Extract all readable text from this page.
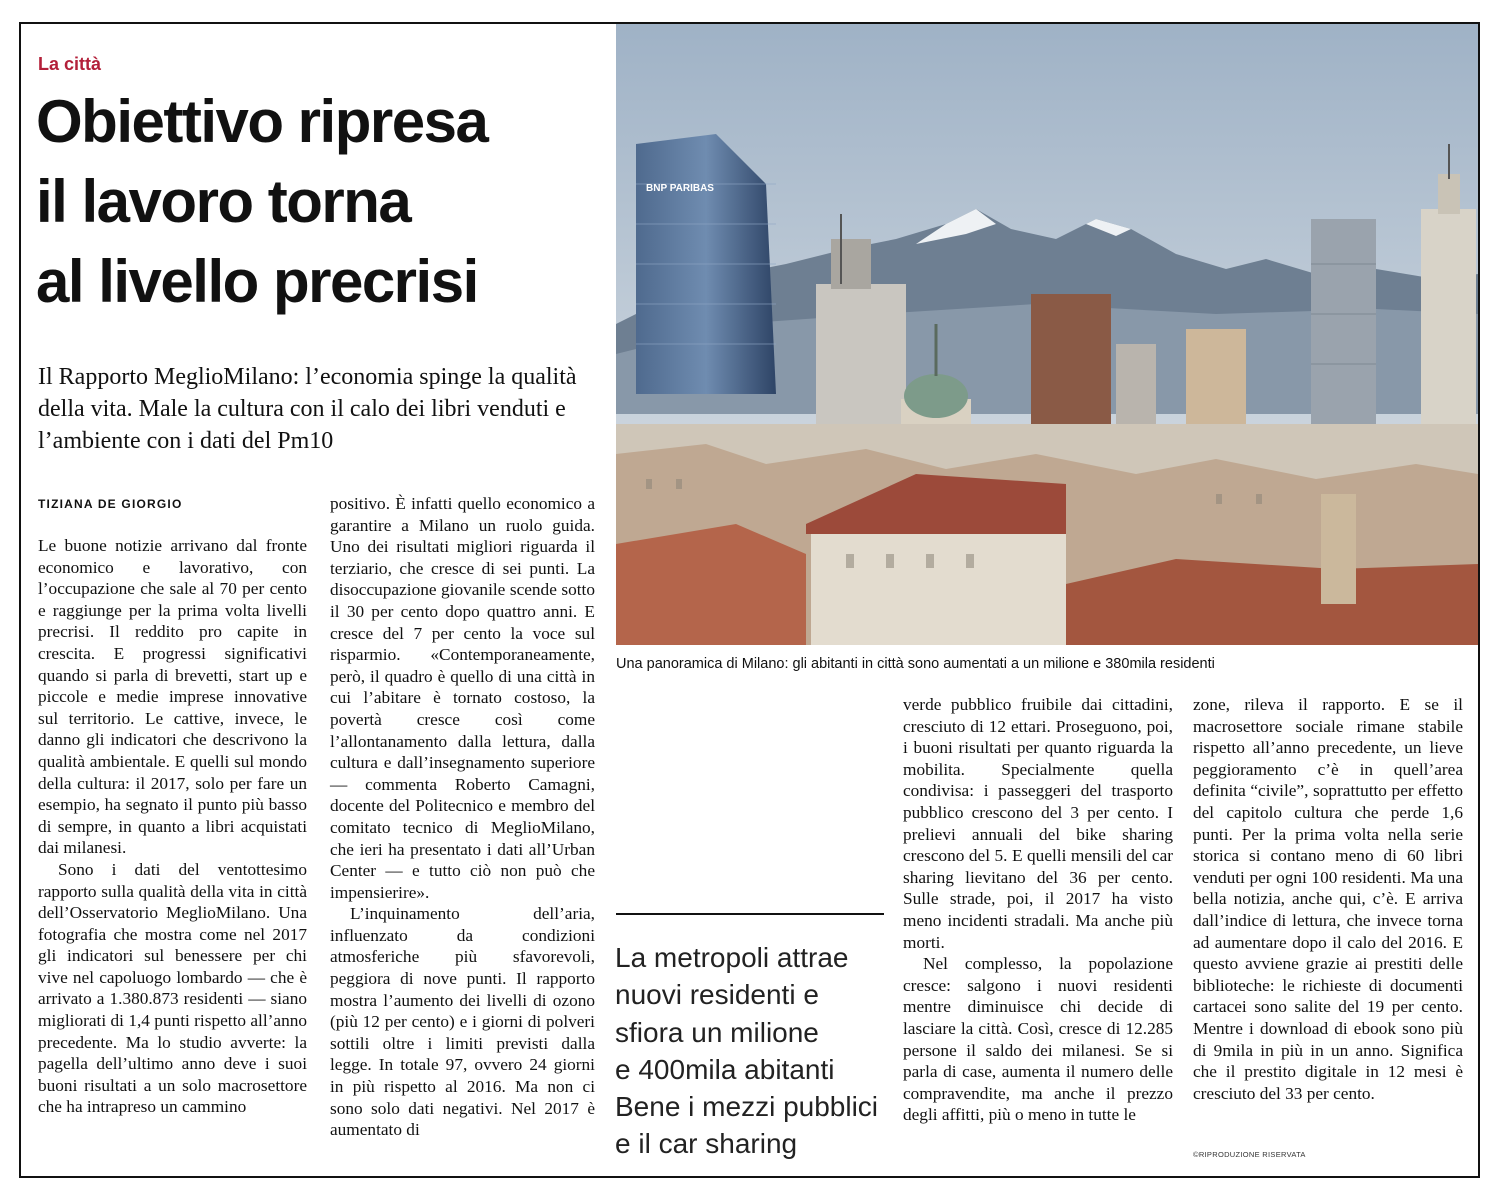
La città
Obiettivo ripresa
il lavoro torna
al livello precrisi
Il Rapporto MeglioMilano: l’economia spinge la qualità della vita. Male la cultura con il calo dei libri venduti e l’ambiente con i dati del Pm10
TIZIANA DE GIORGIO

Le buone notizie arrivano dal fronte economico e lavorativo, con l’occupazione che sale al 70 per cento e raggiunge per la prima volta livelli precrisi. Il reddito pro capite in crescita. E progressi significativi quando si parla di brevetti, start up e piccole e medie imprese innovative sul territorio. Le cattive, invece, le danno gli indicatori che descrivono la qualità ambientale. E quelli sul mondo della cultura: il 2017, solo per fare un esempio, ha segnato il punto più basso di sempre, in quanto a libri acquistati dai milanesi.

Sono i dati del ventottesimo rapporto sulla qualità della vita in città dell’Osservatorio MeglioMilano. Una fotografia che mostra come nel 2017 gli indicatori sul benessere per chi vive nel capoluogo lombardo — che è arrivato a 1.380.873 residenti — siano migliorati di 1,4 punti rispetto all’anno precedente. Ma lo studio avverte: la pagella dell’ultimo anno deve i suoi buoni risultati a un solo macrosettore che ha intrapreso un cammino

positivo. È infatti quello economico a garantire a Milano un ruolo guida. Uno dei risultati migliori riguarda il terziario, che cresce di sei punti. La disoccupazione giovanile scende sotto il 30 per cento dopo quattro anni. E cresce del 7 per cento la voce sul risparmio. «Contemporaneamente, però, il quadro è quello di una città in cui l’abitare è tornato costoso, la povertà cresce così come l’allontanamento dalla lettura, dalla cultura e dall’insegnamento superiore — commenta Roberto Camagni, docente del Politecnico e membro del comitato tecnico di MeglioMilano, che ieri ha presentato i dati all’Urban Center — e tutto ciò non può che impensierire».

L’inquinamento dell’aria, influenzato da condizioni atmosferiche più sfavorevoli, peggiora di nove punti. Il rapporto mostra l’aumento dei livelli di ozono (più 12 per cento) e i giorni di polveri sottili oltre i limiti previsti dalla legge. In totale 97, ovvero 24 giorni in più rispetto al 2016. Ma non ci sono solo dati negativi. Nel 2017 è aumentato di

BNP PARIBAS
Una panoramica di Milano: gli abitanti in città sono aumentati a un milione e 380mila residenti
La metropoli attrae
nuovi residenti e
sfiora un milione
e 400mila abitanti
Bene i mezzi pubblici
e il car sharing

verde pubblico fruibile dai cittadini, cresciuto di 12 ettari. Proseguono, poi, i buoni risultati per quanto riguarda la mobilita. Specialmente quella condivisa: i passeggeri del trasporto pubblico crescono del 3 per cento. I prelievi annuali del bike sharing crescono del 5. E quelli mensili del car sharing lievitano del 36 per cento. Sulle strade, poi, il 2017 ha visto meno incidenti stradali. Ma anche più morti.

Nel complesso, la popolazione cresce: salgono i nuovi residenti mentre diminuisce chi decide di lasciare la città. Così, cresce di 12.285 persone il saldo dei milanesi. Se si parla di case, aumenta il numero delle compravendite, ma anche il prezzo degli affitti, più o meno in tutte le

zone, rileva il rapporto. E se il macrosettore sociale rimane stabile rispetto all’anno precedente, un lieve peggioramento c’è in quell’area definita “civile”, soprattutto per effetto del capitolo cultura che perde 1,6 punti. Per la prima volta nella serie storica si contano meno di 60 libri venduti per ogni 100 residenti. Ma una bella notizia, anche qui, c’è. E arriva dall’indice di lettura, che invece torna ad aumentare dopo il calo del 2016. E questo avviene grazie ai prestiti delle biblioteche: le richieste di documenti cartacei sono salite del 19 per cento. Mentre i download di ebook sono più di 9mila in più in un anno. Significa che il prestito digitale in 12 mesi è cresciuto del 33 per cento.

©RIPRODUZIONE RISERVATA
